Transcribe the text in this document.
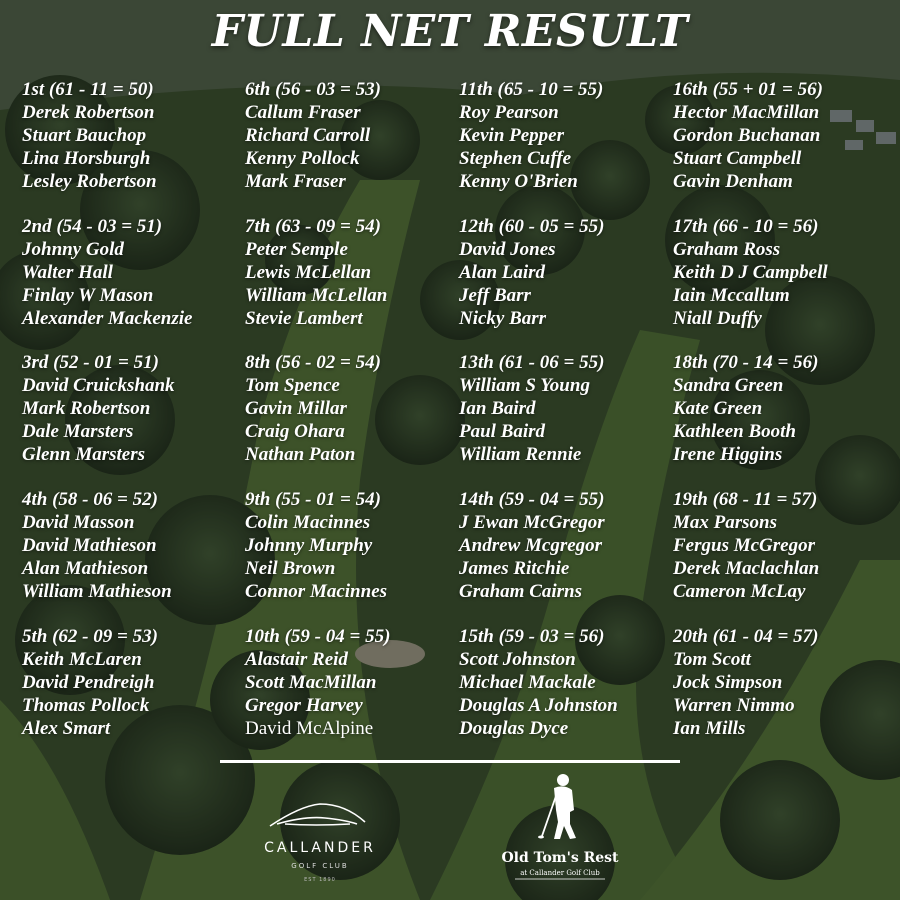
FULL NET RESULT
1st (61 - 11 = 50)
Derek Robertson
Stuart Bauchop
Lina Horsburgh
Lesley Robertson
2nd (54 - 03 = 51)
Johnny Gold
Walter Hall
Finlay W Mason
Alexander Mackenzie
3rd (52 - 01 = 51)
David Cruickshank
Mark Robertson
Dale Marsters
Glenn Marsters
4th (58 - 06 = 52)
David Masson
David Mathieson
Alan Mathieson
William Mathieson
5th (62 - 09 = 53)
Keith McLaren
David Pendreigh
Thomas Pollock
Alex Smart
6th (56 - 03 = 53)
Callum Fraser
Richard Carroll
Kenny Pollock
Mark Fraser
7th (63 - 09 = 54)
Peter Semple
Lewis McLellan
William McLellan
Stevie Lambert
8th (56 - 02 = 54)
Tom Spence
Gavin Millar
Craig Ohara
Nathan Paton
9th (55 - 01 = 54)
Colin Macinnes
Johnny Murphy
Neil Brown
Connor Macinnes
10th (59 - 04 = 55)
Alastair Reid
Scott MacMillan
Gregor Harvey
David McAlpine
11th (65 - 10 = 55)
Roy Pearson
Kevin Pepper
Stephen Cuffe
Kenny O'Brien
12th (60 - 05 = 55)
David Jones
Alan Laird
Jeff Barr
Nicky Barr
13th (61 - 06 = 55)
William S Young
Ian Baird
Paul Baird
William Rennie
14th (59 - 04 = 55)
J Ewan McGregor
Andrew Mcgregor
James Ritchie
Graham Cairns
15th (59 - 03 = 56)
Scott Johnston
Michael Mackale
Douglas A Johnston
Douglas Dyce
16th (55 + 01 = 56)
Hector MacMillan
Gordon Buchanan
Stuart Campbell
Gavin Denham
17th (66 - 10 = 56)
Graham Ross
Keith D J Campbell
Iain Mccallum
Niall Duffy
18th (70 - 14 = 56)
Sandra Green
Kate Green
Kathleen Booth
Irene Higgins
19th (68 - 11 = 57)
Max Parsons
Fergus McGregor
Derek Maclachlan
Cameron McLay
20th (61 - 04 = 57)
Tom Scott
Jock Simpson
Warren Nimmo
Ian Mills
CALLANDER
GOLF CLUB
EST 1890
Old Tom's Rest
at Callander Golf Club
